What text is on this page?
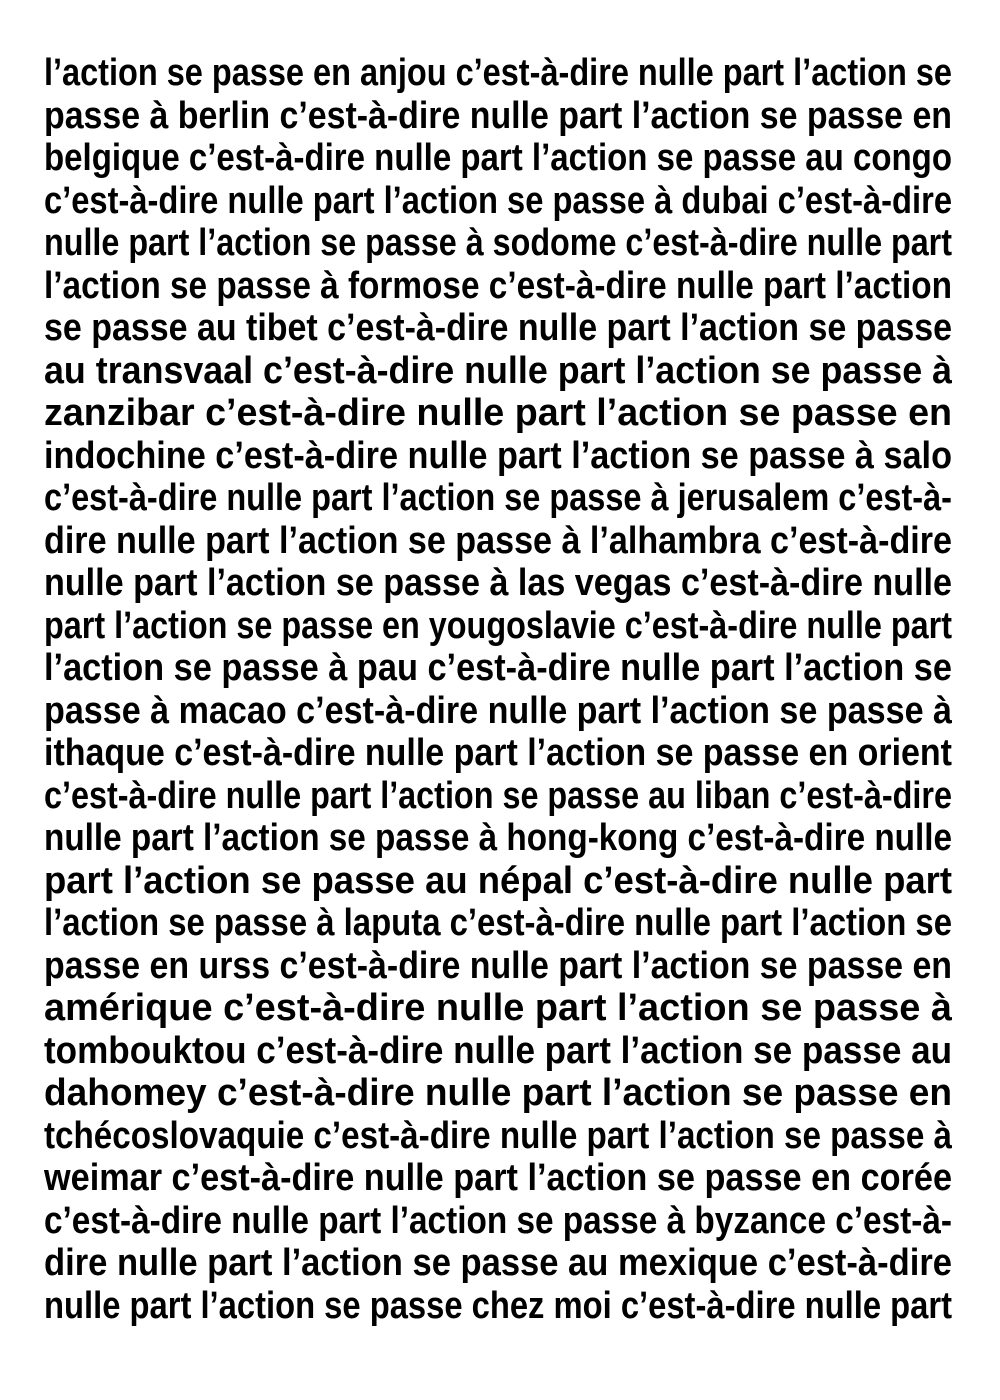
l’action se passe en anjou c’est-à-dire nulle part l’action se
passe à berlin c’est-à-dire nulle part l’action se passe en
belgique c’est-à-dire nulle part l’action se passe au congo
c’est-à-dire nulle part l’action se passe à dubai c’est-à-dire
nulle part l’action se passe à sodome c’est-à-dire nulle part
l’action se passe à formose c’est-à-dire nulle part l’action
se passe au tibet c’est-à-dire nulle part l’action se passe
au transvaal c’est-à-dire nulle part l’action se passe à
zanzibar c’est-à-dire nulle part l’action se passe en
indochine c’est-à-dire nulle part l’action se passe à salo
c’est-à-dire nulle part l’action se passe à jerusalem c’est-à-
dire nulle part l’action se passe à l’alhambra c’est-à-dire
nulle part l’action se passe à las vegas c’est-à-dire nulle
part l’action se passe en yougoslavie c’est-à-dire nulle part
l’action se passe à pau c’est-à-dire nulle part l’action se
passe à macao c’est-à-dire nulle part l’action se passe à
ithaque c’est-à-dire nulle part l’action se passe en orient
c’est-à-dire nulle part l’action se passe au liban c’est-à-dire
nulle part l’action se passe à hong-kong c’est-à-dire nulle
part l’action se passe au népal c’est-à-dire nulle part
l’action se passe à laputa c’est-à-dire nulle part l’action se
passe en urss c’est-à-dire nulle part l’action se passe en
amérique c’est-à-dire nulle part l’action se passe à
tombouktou c’est-à-dire nulle part l’action se passe au
dahomey c’est-à-dire nulle part l’action se passe en
tchécoslovaquie c’est-à-dire nulle part l’action se passe à
weimar c’est-à-dire nulle part l’action se passe en corée
c’est-à-dire nulle part l’action se passe à byzance c’est-à-
dire nulle part l’action se passe au mexique c’est-à-dire
nulle part l’action se passe chez moi c’est-à-dire nulle part
